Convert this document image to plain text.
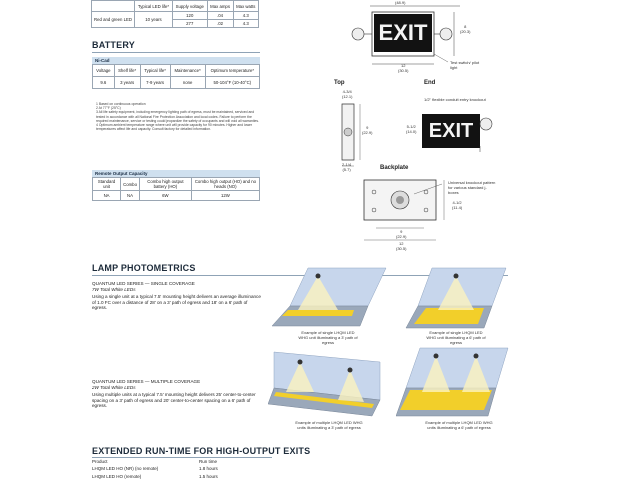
	Typical LED life*	Supply voltage	Max amps	Max watts
Red and green LED	10 years	120	.04	4.3
		277	.02	4.3
BATTERY
Ni-Cad
Voltage	Shelf life*	Typical life*	Maintenance*	Optimum temperature*
9.6	3 years	7-9 years	none	50-104°F (10-40°C)
1 Based on continuous operation
2 At 77°F (25°C)
3 All life safety equipment, including emergency lighting path of egress, must be maintained, serviced and tested in accordance with all National Fire Protection Association and local codes. Failure to perform the required maintenance, service or testing could jeopardize the safety of occupants and will void all warranties.
4 Optimum ambient temperature range where unit will provide capacity for 90 minutes. Higher and lower temperatures affect life and capacity. Consult factory for detailed information.
Remote Output Capacity
Standard unit	Combo	Combo high output battery (HO)	Combo high output (HO) and no heads (NO)
NA	NA	6W	12W
(48.9)
EXIT	8
(20.3)
12
(30.5)
Test switch/ pilot light
Top
4-3/4
(12.1)
9
(22.9)
2-1/4
(5.7)
End
1/2" flexible conduit entry knockout
EXIT
5-1/2
(14.0)
Backplate
Universal knockout pattern for various standard j-boxes
4-1/2
(11.4)
9
(22.9)
12
(30.5)
LAMP PHOTOMETRICS
QUANTUM LED SERIES — SINGLE COVERAGE
7W Total White LEDs
Using a single unit at a typical 7.5' mounting height delivers an average illuminance of 1.0 FC over a distance of 28' on a 3' path of egress and 18' on a 6' path of egress.
QUANTUM LED SERIES — MULTIPLE COVERAGE
2W Total White LEDs
Using multiple units at a typical 7.5' mounting height delivers 25' center-to-center spacing on a 3' path of egress and 20' center-to-center spacing on a 6' path of egress.
Example of single LHQM LED WHG unit illuminating a 3' path of egress
Example of single LHQM LED WHG unit illuminating a 6' path of egress
Example of multiple LHQM LED WHG units illuminating a 3' path of egress
Example of multiple LHQM LED WHG units illuminating a 6' path of egress
EXTENDED RUN-TIME FOR HIGH-OUTPUT EXITS
Product	Run time
LHQM LED HO (NR) (no remote)	1.8 hours
LHQM LED HO (remote)	1.5 hours
